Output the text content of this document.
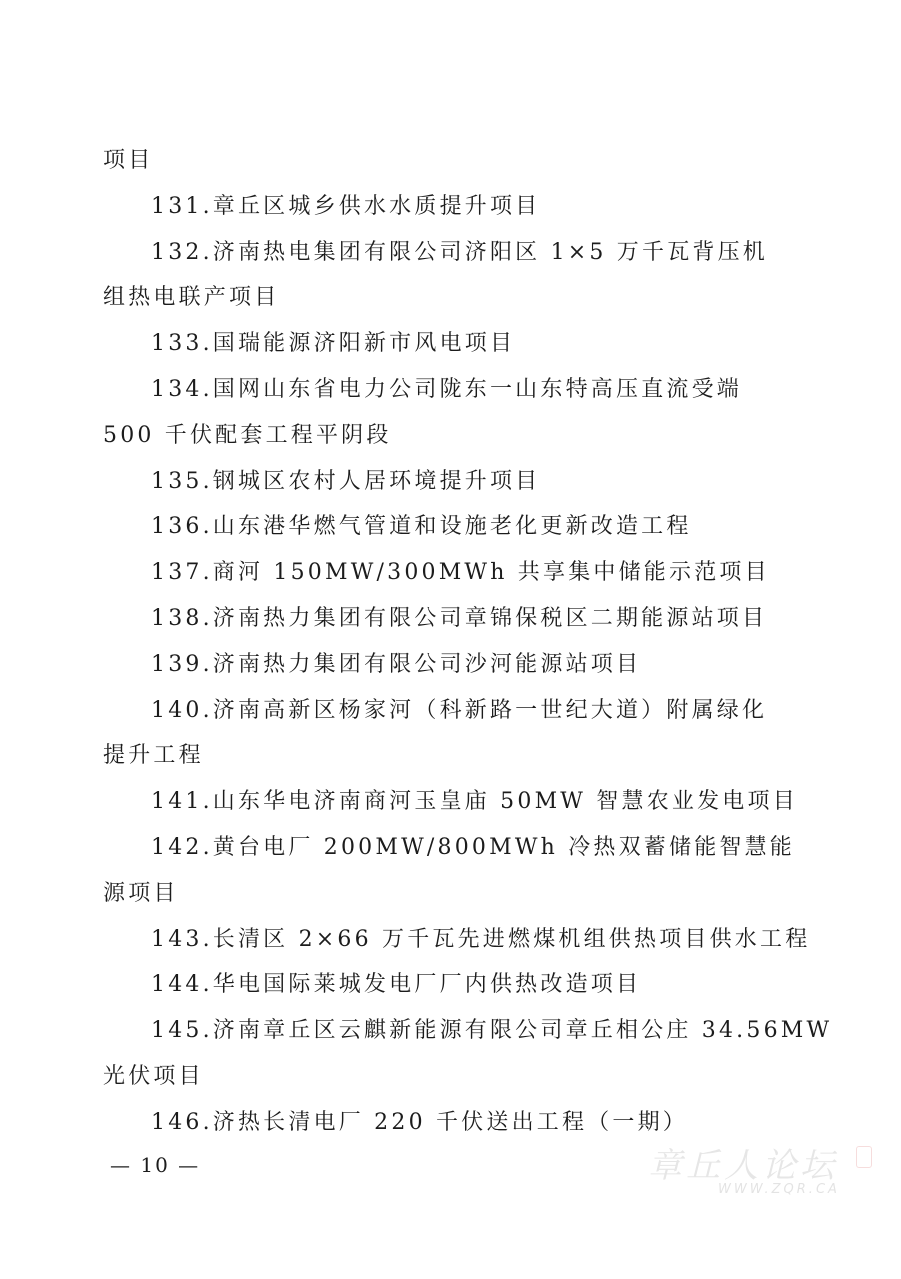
项目
131.章丘区城乡供水水质提升项目
132.济南热电集团有限公司济阳区 1×5 万千瓦背压机
组热电联产项目
133.国瑞能源济阳新市风电项目
134.国网山东省电力公司陇东一山东特高压直流受端
500 千伏配套工程平阴段
135.钢城区农村人居环境提升项目
136.山东港华燃气管道和设施老化更新改造工程
137.商河 150MW/300MWh 共享集中储能示范项目
138.济南热力集团有限公司章锦保税区二期能源站项目
139.济南热力集团有限公司沙河能源站项目
140.济南高新区杨家河（科新路一世纪大道）附属绿化
提升工程
141.山东华电济南商河玉皇庙 50MW 智慧农业发电项目
142.黄台电厂 200MW/800MWh 冷热双蓄储能智慧能
源项目
143.长清区 2×66 万千瓦先进燃煤机组供热项目供水工程
144.华电国际莱城发电厂厂内供热改造项目
145.济南章丘区云麒新能源有限公司章丘相公庄 34.56MW
光伏项目
146.济热长清电厂 220 千伏送出工程（一期）
— 10 —	章丘人论坛
WWW.ZQR.CA
